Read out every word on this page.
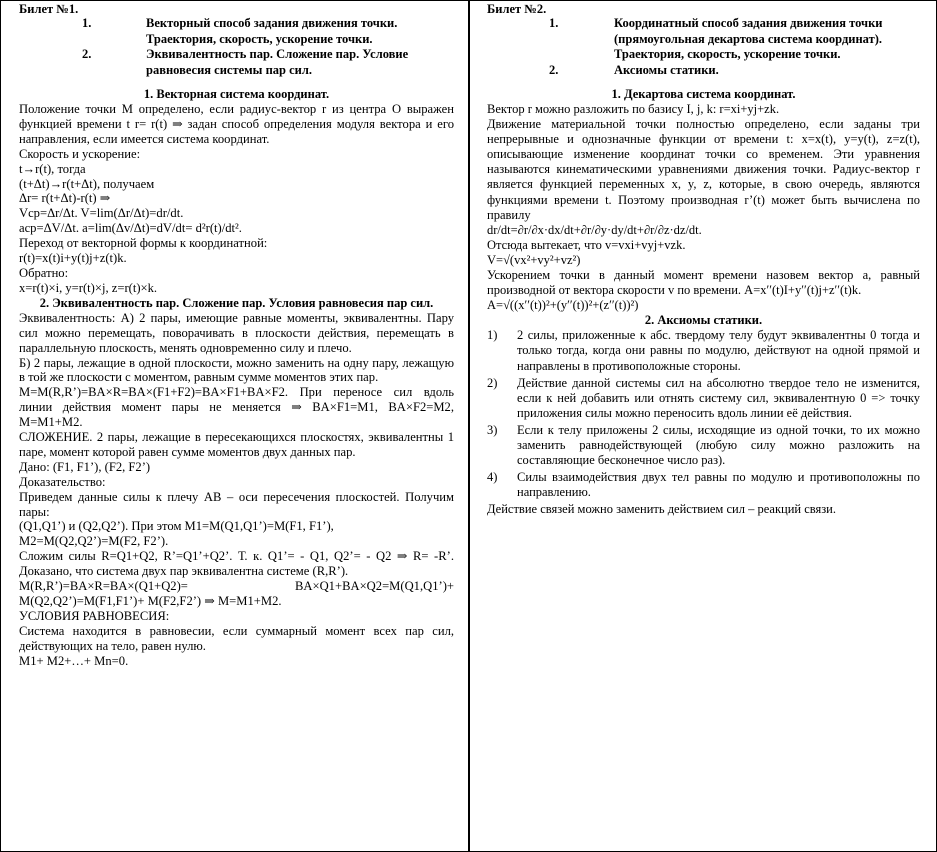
Билет №1.
1.	Векторный способ задания движения точки. Траектория, скорость, ускорение точки.
2.	Эквивалентность пар. Сложение пар. Условие равновесия системы пар сил.
1. Векторная система координат.

Положение точки M определено, если радиус-вектор r из центра O выражен функцией времени t r= r(t) ⇒ задан способ определения модуля вектора и его направления, если имеется система координат.

Скорость и ускорение:

t→r(t), тогда

(t+Δt)→r(t+Δt), получаем

Δr= r(t+Δt)-r(t) ⇒

Vср=Δr/Δt. V=lim(Δr/Δt)=dr/dt.

aср=ΔV/Δt. a=lim(Δv/Δt)=dV/dt= d²r(t)/dt².

Переход от векторной формы к координатной:

r(t)=x(t)i+y(t)j+z(t)k.

Обратно:

x=r(t)×i, y=r(t)×j, z=r(t)×k.

2. Эквивалентность пар. Сложение пар. Условия равновесия пар сил.

Эквивалентность: А) 2 пары, имеющие равные моменты, эквивалентны. Пару сил можно перемещать, поворачивать в плоскости действия, перемещать в параллельную плоскость, менять одновременно силу и плечо.

Б) 2 пары, лежащие в одной плоскости, можно заменить на одну пару, лежащую в той же плоскости с моментом, равным сумме моментов этих пар.

M=M(R,R’)=BA×R=BA×(F1+F2)=BA×F1+BA×F2. При переносе сил вдоль линии действия момент пары не меняется ⇒ BA×F1=M1, BA×F2=M2, M=M1+M2.

СЛОЖЕНИЕ. 2 пары, лежащие в пересекающихся плоскостях, эквивалентны 1 паре, момент которой равен сумме моментов двух данных пар.

Дано: (F1, F1’), (F2, F2’)

Доказательство:

Приведем данные силы к плечу AB – оси пересечения плоскостей. Получим пары:

(Q1,Q1’) и (Q2,Q2’). При этом M1=M(Q1,Q1’)=M(F1, F1’),

M2=M(Q2,Q2’)=M(F2, F2’).

Сложим силы R=Q1+Q2, R’=Q1’+Q2’. Т. к. Q1’= - Q1, Q2’= - Q2 ⇒ R= -R’. Доказано, что система двух пар эквивалентна системе (R,R’).

M(R,R’)=BA×R=BA×(Q1+Q2)= BA×Q1+BA×Q2=M(Q1,Q1’)+ M(Q2,Q2’)=M(F1,F1’)+ M(F2,F2’) ⇒ M=M1+M2.

УСЛОВИЯ РАВНОВЕСИЯ:

Система находится в равновесии, если суммарный момент всех пар сил, действующих на тело, равен нулю.

M1+ M2+…+ Mn=0.

Билет №2.
1.	Координатный способ задания движения точки (прямоугольная декартова система координат). Траектория, скорость, ускорение точки.
2.	Аксиомы статики.
1. Декартова система координат.

Вектор r можно разложить по базису I, j, k: r=xi+yj+zk.

Движение материальной точки полностью определено, если заданы три непрерывные и однозначные функции от времени t: x=x(t), y=y(t), z=z(t), описывающие изменение координат точки со временем. Эти уравнения называются кинематическими уравнениями движения точки. Радиус-вектор r является функцией переменных x, y, z, которые, в свою очередь, являются функциями времени t. Поэтому производная r’(t) может быть вычислена по правилу

dr/dt=∂r/∂x·dx/dt+∂r/∂y·dy/dt+∂r/∂z·dz/dt.

Отсюда вытекает, что v=vxi+vyj+vzk.

V=√(vx²+vy²+vz²)

Ускорением точки в данный момент времени назовем вектор a, равный производной от вектора скорости v по времени. A=x′′(t)I+y′′(t)j+z′′(t)k.

A=√((x′′(t))²+(y′′(t))²+(z′′(t))²)

2. Аксиомы статики.
1)	2 силы, приложенные к абс. твердому телу будут эквивалентны 0 тогда и только тогда, когда они равны по модулю, действуют на одной прямой и направлены в противоположные стороны.
2)	Действие данной системы сил на абсолютно твердое тело не изменится, если к ней добавить или отнять систему сил, эквивалентную 0 => точку приложения силы можно переносить вдоль линии её действия.
3)	Если к телу приложены 2 силы, исходящие из одной точки, то их можно заменить равнодействующей (любую силу можно разложить на составляющие бесконечное число раз).
4)	Силы взаимодействия двух тел равны по модулю и противоположны по направлению.

Действие связей можно заменить действием сил – реакций связи.
